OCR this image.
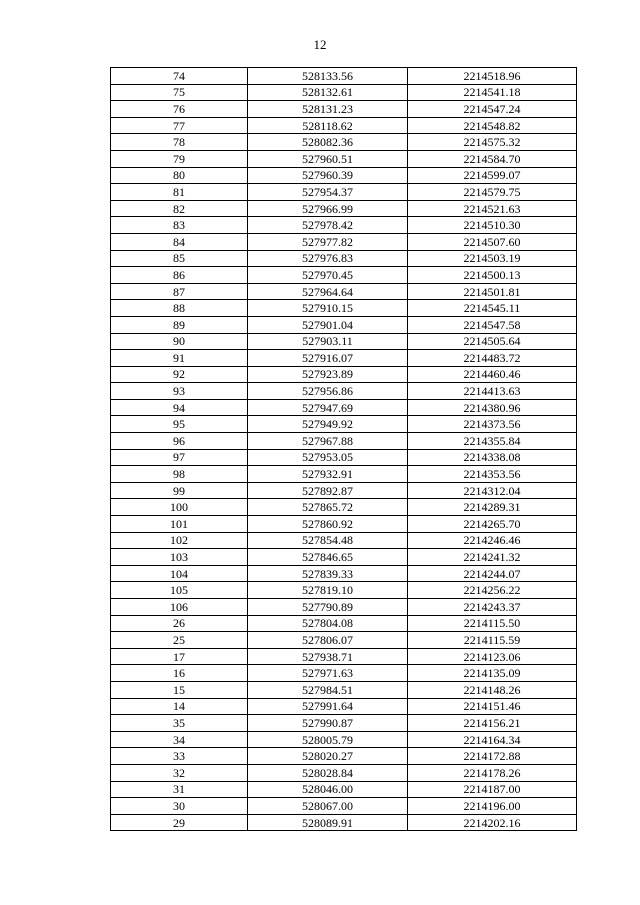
12
74	528133.56	2214518.96
75	528132.61	2214541.18
76	528131.23	2214547.24
77	528118.62	2214548.82
78	528082.36	2214575.32
79	527960.51	2214584.70
80	527960.39	2214599.07
81	527954.37	2214579.75
82	527966.99	2214521.63
83	527978.42	2214510.30
84	527977.82	2214507.60
85	527976.83	2214503.19
86	527970.45	2214500.13
87	527964.64	2214501.81
88	527910.15	2214545.11
89	527901.04	2214547.58
90	527903.11	2214505.64
91	527916.07	2214483.72
92	527923.89	2214460.46
93	527956.86	2214413.63
94	527947.69	2214380.96
95	527949.92	2214373.56
96	527967.88	2214355.84
97	527953.05	2214338.08
98	527932.91	2214353.56
99	527892.87	2214312.04
100	527865.72	2214289.31
101	527860.92	2214265.70
102	527854.48	2214246.46
103	527846.65	2214241.32
104	527839.33	2214244.07
105	527819.10	2214256.22
106	527790.89	2214243.37
26	527804.08	2214115.50
25	527806.07	2214115.59
17	527938.71	2214123.06
16	527971.63	2214135.09
15	527984.51	2214148.26
14	527991.64	2214151.46
35	527990.87	2214156.21
34	528005.79	2214164.34
33	528020.27	2214172.88
32	528028.84	2214178.26
31	528046.00	2214187.00
30	528067.00	2214196.00
29	528089.91	2214202.16
